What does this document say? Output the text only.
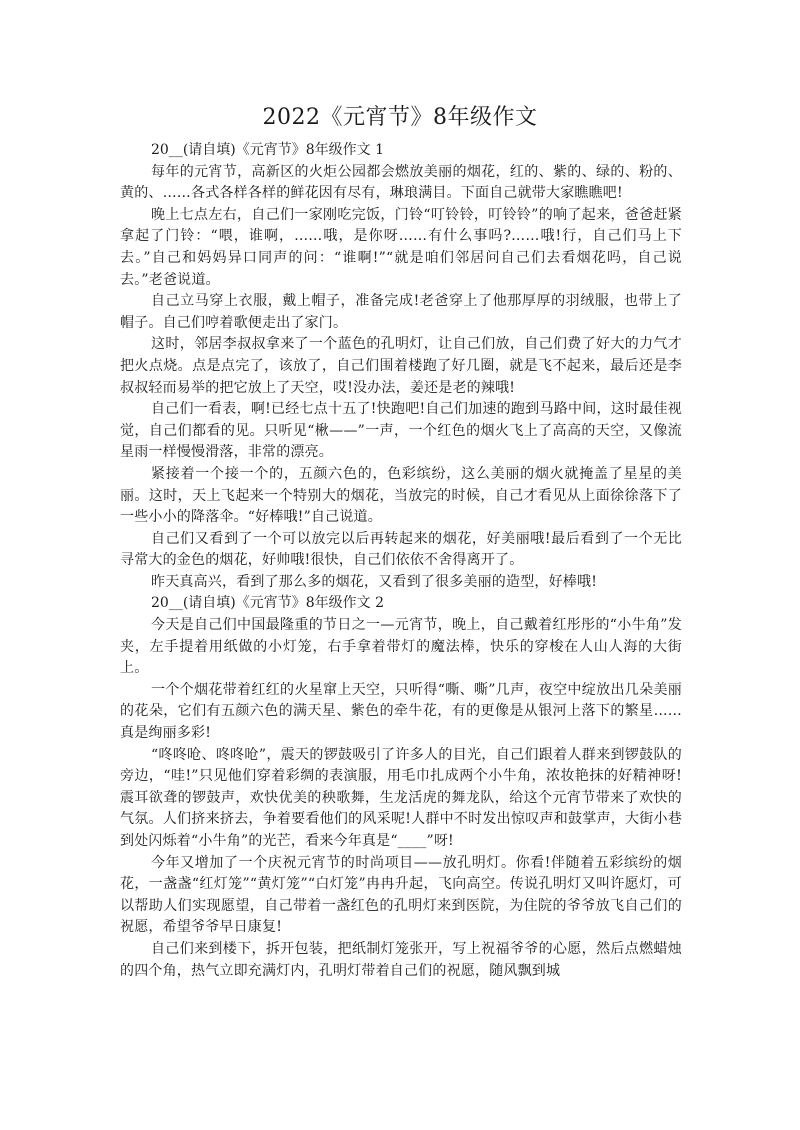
2022《元宵节》8年级作文

20__(请自填)《元宵节》8年级作文 1

每年的元宵节，高新区的火炬公园都会燃放美丽的烟花，红的、紫的、绿的、粉的、黄的、……各式各样各样的鲜花因有尽有，琳琅满目。下面自己就带大家瞧瞧吧!

晚上七点左右，自己们一家刚吃完饭，门铃“叮铃铃，叮铃铃”的响了起来，爸爸赶紧拿起了门铃：“喂，谁啊，……哦，是你呀……有什么事吗?……哦!行，自己们马上下去。”自己和妈妈异口同声的问：“谁啊!”“就是咱们邻居问自己们去看烟花吗，自己说去。”老爸说道。

自己立马穿上衣服，戴上帽子，准备完成!老爸穿上了他那厚厚的羽绒服，也带上了帽子。自己们哼着歌便走出了家门。

这时，邻居李叔叔拿来了一个蓝色的孔明灯，让自己们放，自己们费了好大的力气才把火点烧。点是点完了，该放了，自己们围着楼跑了好几圈，就是飞不起来，最后还是李叔叔轻而易举的把它放上了天空，哎!没办法，姜还是老的辣哦!

自己们一看表，啊!已经七点十五了!快跑吧!自己们加速的跑到马路中间，这时最佳视觉，自己们都看的见。只听见“楸——”一声，一个红色的烟火飞上了高高的天空，又像流星雨一样慢慢滑落，非常的漂亮。

紧接着一个接一个的，五颜六色的，色彩缤纷，这么美丽的烟火就掩盖了星星的美丽。这时，天上飞起来一个特别大的烟花，当放完的时候，自己才看见从上面徐徐落下了一些小小的降落伞。“好棒哦!”自己说道。

自己们又看到了一个可以放完以后再转起来的烟花，好美丽哦!最后看到了一个无比寻常大的金色的烟花，好帅哦!很快，自己们依依不舍得离开了。

昨天真高兴，看到了那么多的烟花，又看到了很多美丽的造型，好棒哦!

20__(请自填)《元宵节》8年级作文 2

今天是自己们中国最隆重的节日之一—元宵节，晚上，自己戴着红彤彤的“小牛角”发夹，左手提着用纸做的小灯笼，右手拿着带灯的魔法棒，快乐的穿梭在人山人海的大街上。

一个个烟花带着红红的火星窜上天空，只听得“嘶、嘶”几声，夜空中绽放出几朵美丽的花朵，它们有五颜六色的满天星、紫色的牵牛花，有的更像是从银河上落下的繁星……真是绚丽多彩!

“咚咚呛、咚咚呛”，震天的锣鼓吸引了许多人的目光，自己们跟着人群来到锣鼓队的旁边，“哇!”只见他们穿着彩绸的表演服，用毛巾扎成两个小牛角，浓妆艳抹的好精神呀!震耳欲聋的锣鼓声，欢快优美的秧歌舞，生龙活虎的舞龙队，给这个元宵节带来了欢快的气氛。人们挤来挤去，争着要看他们的风采呢!人群中不时发出惊叹声和鼓掌声，大街小巷到处闪烁着“小牛角”的光芒，看来今年真是“____”呀!

今年又增加了一个庆祝元宵节的时尚项目——放孔明灯。你看!伴随着五彩缤纷的烟花，一盏盏“红灯笼”“黄灯笼”“白灯笼”冉冉升起，飞向高空。传说孔明灯又叫许愿灯，可以帮助人们实现愿望，自己带着一盏红色的孔明灯来到医院，为住院的爷爷放飞自己们的祝愿，希望爷爷早日康复!

自己们来到楼下，拆开包装，把纸制灯笼张开，写上祝福爷爷的心愿，然后点燃蜡烛的四个角，热气立即充满灯内，孔明灯带着自己们的祝愿，随风飘到城
